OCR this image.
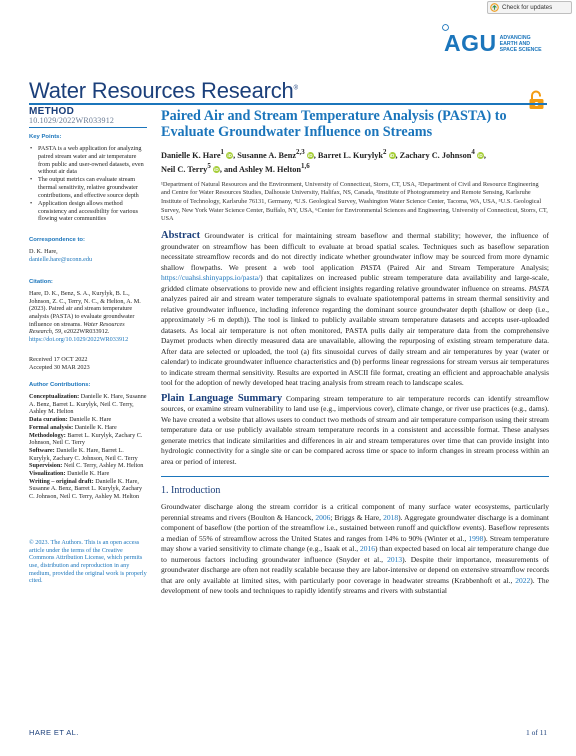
Check for updates
AGU ADVANCING
EARTH AND
SPACE SCIENCE
Water Resources Research®
METHOD
10.1029/2022WR033912
Key Points:
• PASTA is a web application for analyzing paired stream water and air temperature from public and user-owned datasets, even without air data
• The output metrics can evaluate stream thermal sensitivity, relative groundwater contributions, and effective source depth
• Application design allows method consistency and accessibility for various flowing water communities
Correspondence to:
D. K. Hare,
danielle.hare@uconn.edu
Citation:
Hare, D. K., Benz, S. A., Kurylyk, B. L., Johnson, Z. C., Terry, N. C., & Helton, A. M. (2023). Paired air and stream temperature analysis (PASTA) to evaluate groundwater influence on streams. Water Resources Research, 59, e2022WR033912. https://doi.org/10.1029/2022WR033912
Received 17 OCT 2022
Accepted 30 MAR 2023
Author Contributions:
Conceptualization: Danielle K. Hare, Susanne A. Benz, Barret L. Kurylyk, Neil C. Terry, Ashley M. Helton
Data curation: Danielle K. Hare
Formal analysis: Danielle K. Hare
Methodology: Barret L. Kurylyk, Zachary C. Johnson, Neil C. Terry
Software: Danielle K. Hare, Barret L. Kurylyk, Zachary C. Johnson, Neil C. Terry
Supervision: Neil C. Terry, Ashley M. Helton
Visualization: Danielle K. Hare
Writing – original draft: Danielle K. Hare, Susanne A. Benz, Barret L. Kurylyk, Zachary C. Johnson, Neil C. Terry, Ashley M. Helton
© 2023. The Authors. This is an open access article under the terms of the Creative Commons Attribution License, which permits use, distribution and reproduction in any medium, provided the original work is properly cited.
Paired Air and Stream Temperature Analysis (PASTA) to Evaluate Groundwater Influence on Streams
Danielle K. Hare$^1$ iD, Susanne A. Benz$^{2,3}$ iD, Barret L. Kurylyk$^2$ iD, Zachary C. Johnson$^4$ iD,
Neil C. Terry$^5$ iD, and Ashley M. Helton$^{1,6}$
¹Department of Natural Resources and the Environment, University of Connecticut, Storrs, CT, USA, ²Department of Civil and Resource Engineering and Centre for Water Resources Studies, Dalhousie University, Halifax, NS, Canada, ³Institute of Photogrammetry and Remote Sensing, Karlsruhe Institute of Technology, Karlsruhe 76131, Germany, ⁴U.S. Geological Survey, Washington Water Science Center, Tacoma, WA, USA, ⁵U.S. Geological Survey, New York Water Science Center, Buffalo, NY, USA, ⁶Center for Environmental Sciences and Engineering, University of Connecticut, Storrs, CT, USA
Abstract Groundwater is critical for maintaining stream baseflow and thermal stability; however, the influence of groundwater on streamflow has been difficult to evaluate at broad spatial scales. Techniques such as baseflow separation necessitate streamflow records and do not directly indicate whether groundwater inflow may be sourced from more dynamic shallow flowpaths. We present a web tool application PASTA (Paired Air and Stream Temperature Analysis; https://cuahsi.shinyapps.io/pasta/) that capitalizes on increased public stream temperature data availability and large-scale, gridded climate observations to provide new and efficient insights regarding relative groundwater influence on streams. PASTA analyzes paired air and stream water temperature signals to evaluate spatiotemporal patterns in stream thermal sensitivity and relative groundwater influence, including inference regarding the dominant source groundwater depth (shallow or deep (i.e., approximately >6 m depth)). The tool is linked to publicly available stream temperature datasets and accepts user-uploaded datasets. As local air temperature is not often monitored, PASTA pulls daily air temperature data from the comprehensive Daymet products when directly measured data are unavailable, allowing the repurposing of existing stream temperature data. After data are selected or uploaded, the tool (a) fits sinusoidal curves of daily stream and air temperatures by year (water or calendar) to indicate groundwater influence characteristics and (b) performs linear regressions for stream versus air temperatures to indicate stream thermal sensitivity. Results are exported in ASCII file format, creating an efficient and approachable analysis tool for the adoption of newly developed heat tracing analysis from stream reach to landscape scales.
Plain Language Summary Comparing stream temperature to air temperature records can identify streamflow sources, or examine stream vulnerability to land use (e.g., impervious cover), climate change, or river use practices (e.g., dams). We have created a website that allows users to conduct two methods of stream and air temperature comparison using their stream temperature data or use publicly available stream temperature records in a consistent and accessible format. These analyses generate metrics that indicate similarities and differences in air and stream temperatures over time that can provide insight into hydrologic connectivity for a single site or can be compared across time or space to inform changes in stream process within an area or period of interest.
1. Introduction
Groundwater discharge along the stream corridor is a critical component of many surface water ecosystems, particularly perennial streams and rivers (Boulton & Hancock, 2006; Briggs & Hare, 2018). Aggregate groundwater discharge is a dominant component of baseflow (the portion of the streamflow i.e., sustained between runoff and quickflow events). Baseflow represents a median of 55% of streamflow across the United States and ranges from 14% to 90% (Winter et al., 1998). Stream temperature may show a varied sensitivity to climate change (e.g., Isaak et al., 2016) than expected based on local air temperature change due to numerous factors including groundwater influence (Snyder et al., 2013). Despite their importance, measurements of groundwater discharge are often not readily scalable because they are labor-intensive or depend on extensive streamflow records that are only available at limited sites, with particularly poor coverage in headwater streams (Krabbenhoft et al., 2022). The development of new tools and techniques to rapidly identify streams and rivers with substantial
HARE ET AL.	1 of 11
